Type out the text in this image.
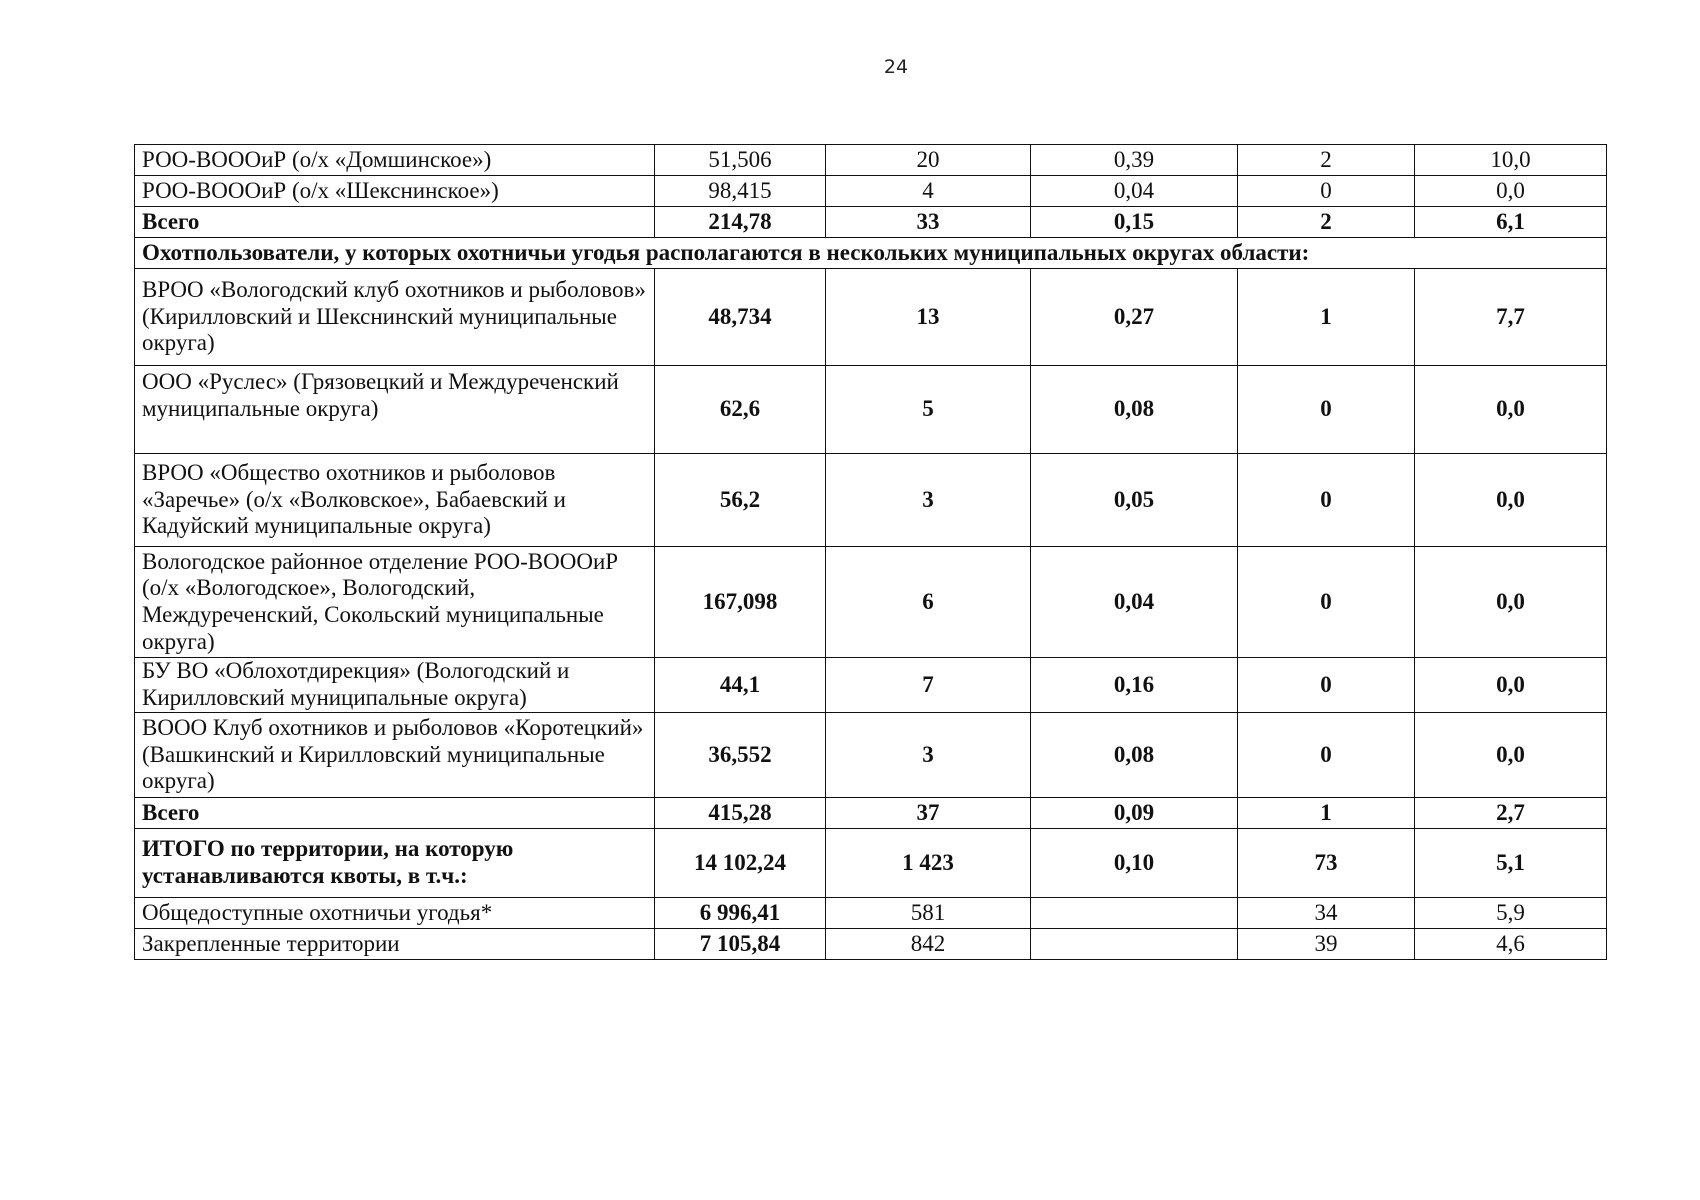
24
РОО-ВОООиР (о/х «Домшинское»)	51,506	20	0,39	2	10,0
РОО-ВОООиР (о/х «Шекснинское»)	98,415	4	0,04	0	0,0
Всего	214,78	33	0,15	2	6,1
Охотпользователи, у которых охотничьи угодья располагаются в нескольких муниципальных округах области:					
ВРОО «Вологодский клуб охотников и рыболовов» (Кирилловский и Шекснинский муниципальные округа)	48,734	13	0,27	1	7,7
ООО «Руслес» (Грязовецкий и Междуреченский муниципальные округа)	62,6	5	0,08	0	0,0
ВРОО «Общество охотников и рыболовов «Заречье» (о/х «Волковское», Бабаевский и Кадуйский муниципальные округа)	56,2	3	0,05	0	0,0
Вологодское районное отделение РОО-ВОООиР (о/х «Вологодское», Вологодский, Междуреченский, Сокольский муниципальные округа)	167,098	6	0,04	0	0,0
БУ ВО «Облохотдирекция» (Вологодский и Кирилловский муниципальные округа)	44,1	7	0,16	0	0,0
ВООО Клуб охотников и рыболовов «Коротецкий» (Вашкинский и Кирилловский муниципальные округа)	36,552	3	0,08	0	0,0
Всего	415,28	37	0,09	1	2,7
ИТОГО по территории, на которую устанавливаются квоты, в т.ч.:	14 102,24	1 423	0,10	73	5,1
Общедоступные охотничьи угодья*	6 996,41	581		34	5,9
Закрепленные территории	7 105,84	842		39	4,6
